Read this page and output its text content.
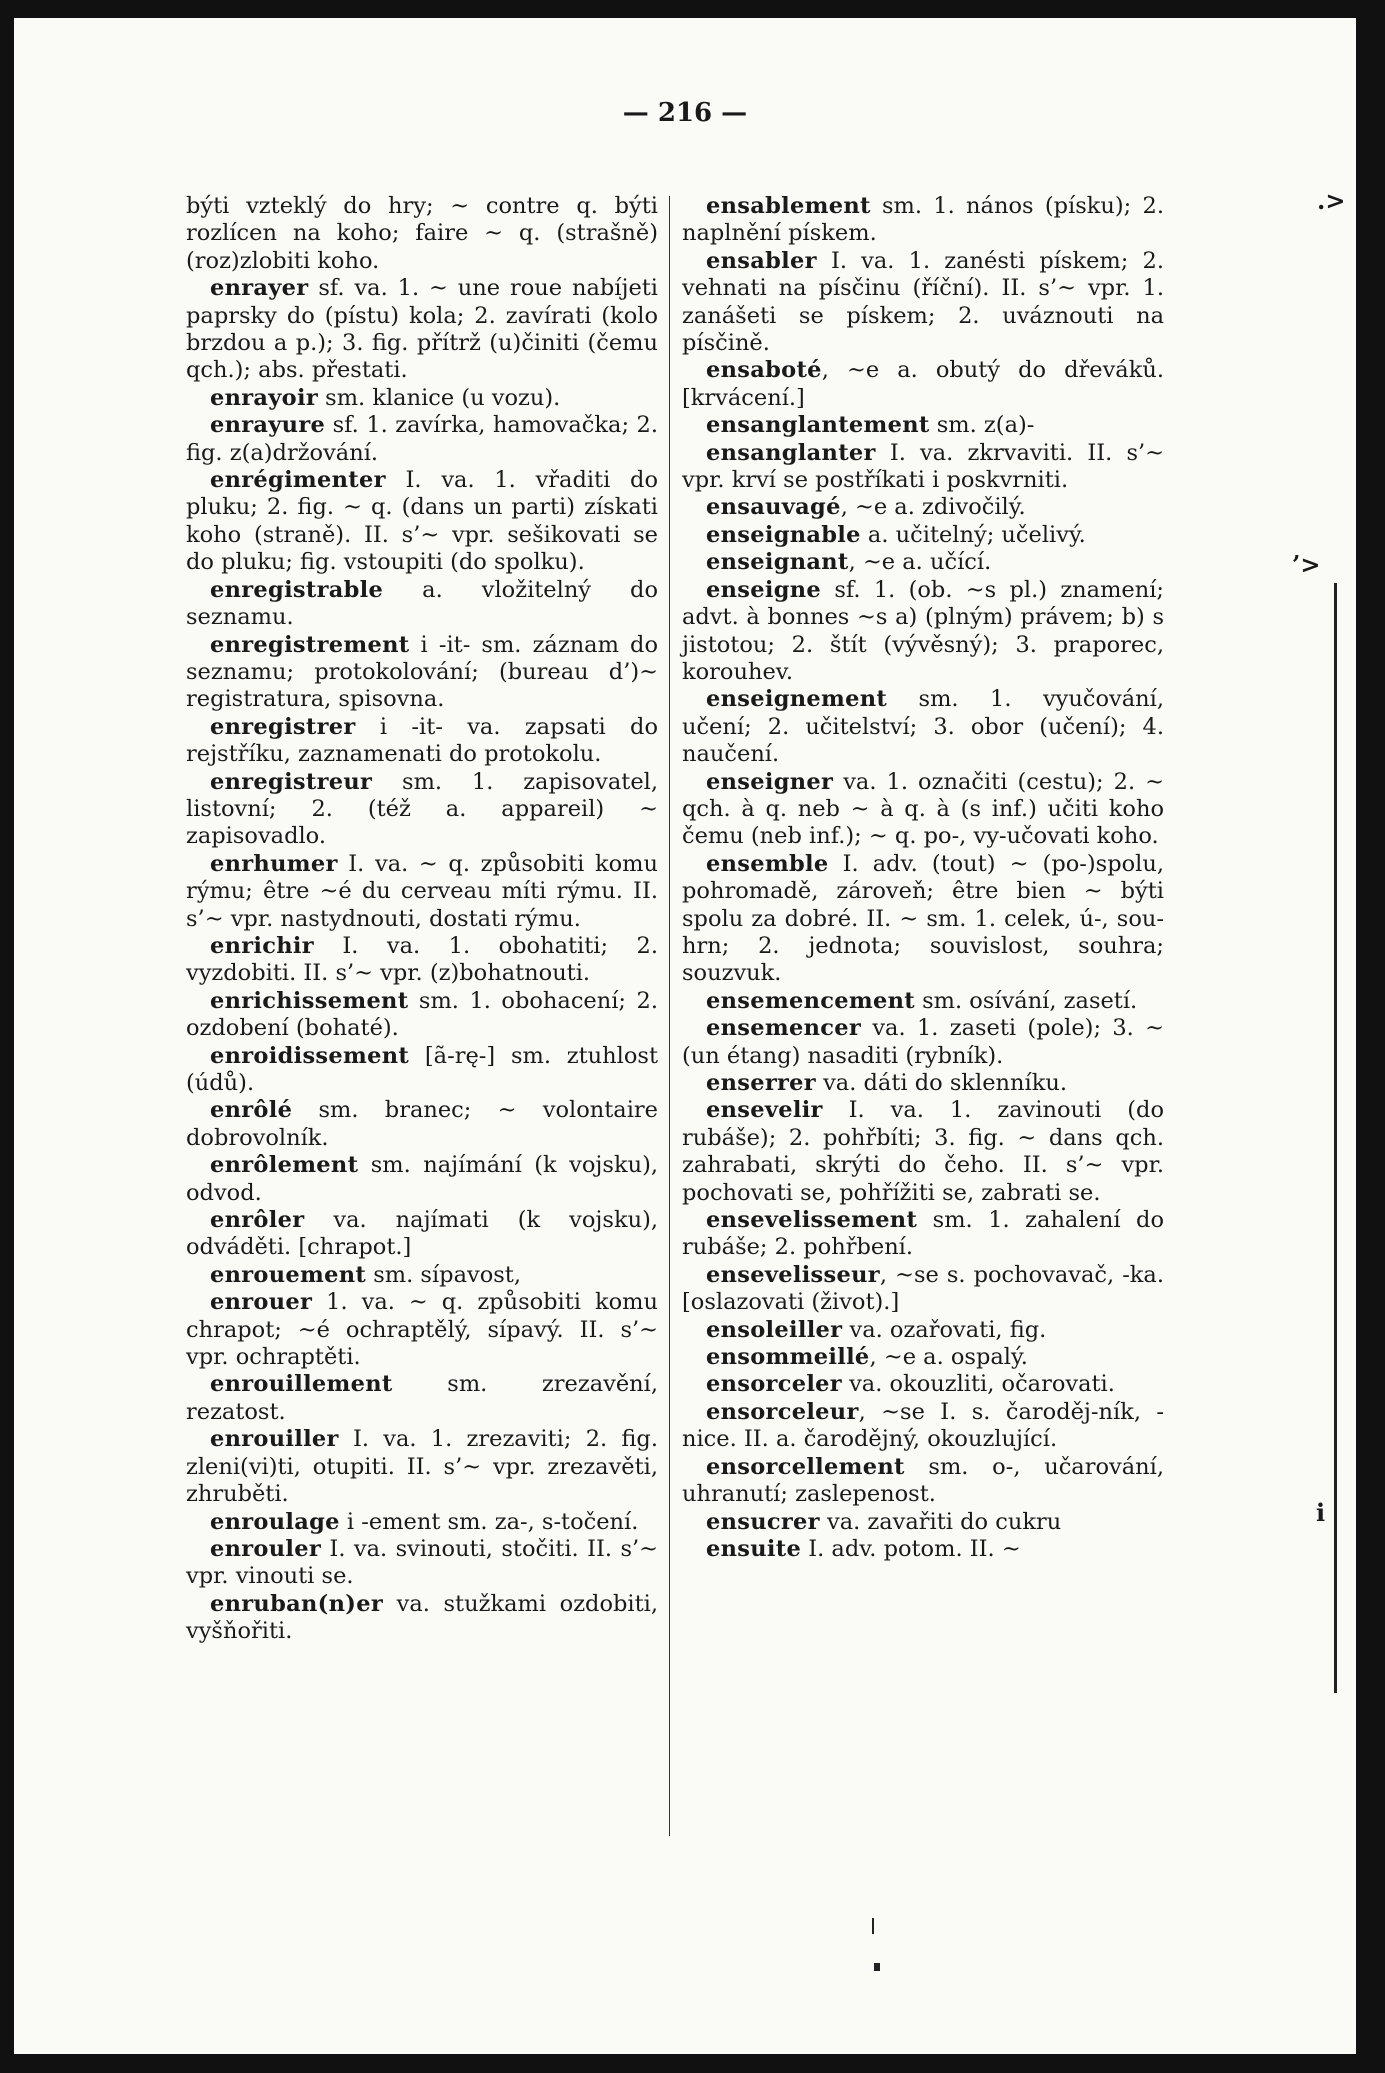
— 216 —

býti vzteklý do hry; ~ contre q. býti rozlícen na koho; faire ~ q. (strašně) (roz)zlobiti koho.

enrayer sf. va. 1. ~ une roue nabíjeti paprsky do (pístu) kola; 2. zavírati (kolo brzdou a p.); 3. fig. přítrž (u)činiti (čemu qch.); abs. přestati.

enrayoir sm. klanice (u vozu).

enrayure sf. 1. zavírka, hamovačka; 2. fig. z(a)držování.

enrégimenter I. va. 1. vřaditi do pluku; 2. fig. ~ q. (dans un parti) získati koho (straně). II. s’~ vpr. sešikovati se do pluku; fig. vstoupiti (do spolku).

enregistrable a. vložitelný do seznamu.

enregistrement i -it- sm. záznam do seznamu; protokolování; (bureau d’)~ registratura, spisovna.

enregistrer i -it- va. zapsati do rejstříku, zaznamenati do protokolu.

enregistreur sm. 1. zapisovatel, listovní; 2. (též a. appareil) ~ zapisovadlo.

enrhumer I. va. ~ q. způsobiti komu rýmu; être ~é du cerveau míti rýmu. II. s’~ vpr. nastydnouti, dostati rýmu.

enrichir I. va. 1. obohatiti; 2. vyzdobiti. II. s’~ vpr. (z)bohatnouti.

enrichissement sm. 1. obohacení; 2. ozdobení (bohaté).

enroidissement [ã-rę-] sm. ztuhlost (údů).

enrôlé sm. branec; ~ volontaire dobrovolník.

enrôlement sm. najímání (k vojsku), odvod.

enrôler va. najímati (k vojsku), odváděti. [chrapot.]

enrouement sm. sípavost,

enrouer 1. va. ~ q. způsobiti komu chrapot; ~é ochraptělý, sípavý. II. s’~ vpr. ochraptěti.

enrouillement sm. zrezavění, rezatost.

enrouiller I. va. 1. zrezaviti; 2. fig. zleni(vi)ti, otupiti. II. s’~ vpr. zrezavěti, zhruběti.

enroulage i -ement sm. za-, s-točení.

enrouler I. va. svinouti, stočiti. II. s’~ vpr. vinouti se.

enruban(n)er va. stužkami ozdobiti, vyšňořiti.

ensablement sm. 1. nános (písku); 2. naplnění pískem.

ensabler I. va. 1. zanésti pískem; 2. vehnati na písčinu (říční). II. s’~ vpr. 1. zanášeti se pískem; 2. uváznouti na písčině.

ensaboté, ~e a. obutý do dřeváků. [krvácení.]

ensanglantement sm. z(a)-

ensanglanter I. va. zkrvaviti. II. s’~ vpr. krví se postříkati i poskvrniti.

ensauvagé, ~e a. zdivočilý.

enseignable a. učitelný; učelivý.

enseignant, ~e a. učící.

enseigne sf. 1. (ob. ~s pl.) znamení; advt. à bonnes ~s a) (plným) právem; b) s jistotou; 2. štít (vývěsný); 3. praporec, korouhev.

enseignement sm. 1. vyučování, učení; 2. učitelství; 3. obor (učení); 4. naučení.

enseigner va. 1. označiti (cestu); 2. ~ qch. à q. neb ~ à q. à (s inf.) učiti koho čemu (neb inf.); ~ q. po-, vy-učovati koho.

ensemble I. adv. (tout) ~ (po-)spolu, pohromadě, zároveň; être bien ~ býti spolu za dobré. II. ~ sm. 1. celek, ú-, sou-hrn; 2. jednota; souvislost, souhra; souzvuk.

ensemencement sm. osívání, zasetí.

ensemencer va. 1. zaseti (pole); 3. ~ (un étang) nasaditi (rybník).

enserrer va. dáti do sklenníku.

ensevelir I. va. 1. zavinouti (do rubáše); 2. pohřbíti; 3. fig. ~ dans qch. zahrabati, skrýti do čeho. II. s’~ vpr. pochovati se, pohřížiti se, zabrati se.

ensevelissement sm. 1. zahalení do rubáše; 2. pohřbení.

ensevelisseur, ~se s. pochovavač, -ka. [oslazovati (život).]

ensoleiller va. ozařovati, fig.

ensommeillé, ~e a. ospalý.

ensorceler va. okouzliti, očarovati.

ensorceleur, ~se I. s. čaroděj-ník, -nice. II. a. čarodějný, okouzlující.

ensorcellement sm. o-, učarování, uhranutí; zaslepenost.

ensucrer va. zavařiti do cukru

ensuite I. adv. potom. II. ~

.>
’>
i
